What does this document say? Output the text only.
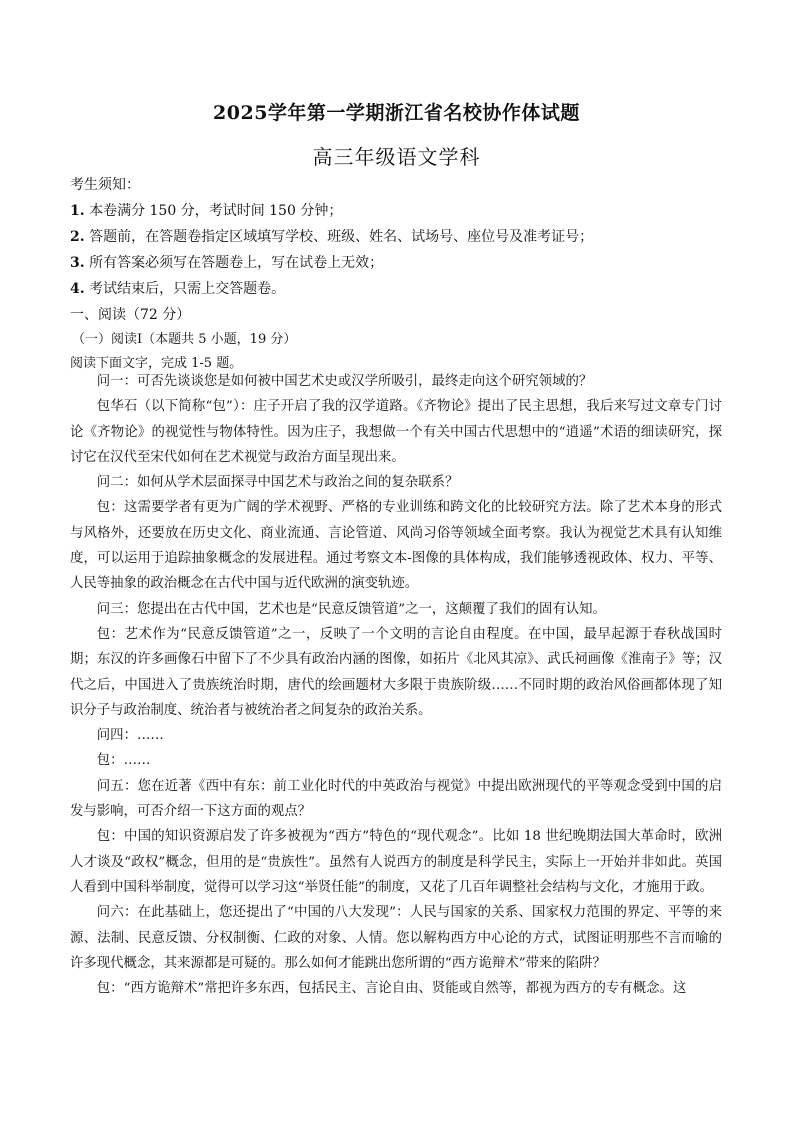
2025学年第一学期浙江省名校协作体试题
高三年级语文学科
考生须知：
1. 本卷满分 150 分，考试时间 150 分钟；
2. 答题前，在答题卷指定区域填写学校、班级、姓名、试场号、座位号及准考证号；
3. 所有答案必须写在答题卷上，写在试卷上无效；
4. 考试结束后，只需上交答题卷。
一、阅读（72 分）
（一）阅读Ⅰ（本题共 5 小题，19 分）
阅读下面文字，完成 1-5 题。

问一：可否先谈谈您是如何被中国艺术史或汉学所吸引，最终走向这个研究领域的？

包华石（以下简称“包”）：庄子开启了我的汉学道路。《齐物论》提出了民主思想，我后来写过文章专门讨论《齐物论》的视觉性与物体特性。因为庄子，我想做一个有关中国古代思想中的“逍遥”术语的细读研究，探讨它在汉代至宋代如何在艺术视觉与政治方面呈现出来。

问二：如何从学术层面探寻中国艺术与政治之间的复杂联系？

包：这需要学者有更为广阔的学术视野、严格的专业训练和跨文化的比较研究方法。除了艺术本身的形式与风格外，还要放在历史文化、商业流通、言论管道、风尚习俗等领域全面考察。我认为视觉艺术具有认知维度，可以运用于追踪抽象概念的发展进程。通过考察文本-图像的具体构成，我们能够透视政体、权力、平等、人民等抽象的政治概念在古代中国与近代欧洲的演变轨迹。

问三：您提出在古代中国，艺术也是“民意反馈管道”之一，这颠覆了我们的固有认知。

包：艺术作为“民意反馈管道”之一，反映了一个文明的言论自由程度。在中国，最早起源于春秋战国时期；东汉的许多画像石中留下了不少具有政治内涵的图像，如拓片《北风其凉》、武氏祠画像《淮南子》等；汉代之后，中国进入了贵族统治时期，唐代的绘画题材大多限于贵族阶级……不同时期的政治风俗画都体现了知识分子与政治制度、统治者与被统治者之间复杂的政治关系。

问四：……

包：……

问五：您在近著《西中有东：前工业化时代的中英政治与视觉》中提出欧洲现代的平等观念受到中国的启发与影响，可否介绍一下这方面的观点？

包：中国的知识资源启发了许多被视为“西方”特色的“现代观念”。比如 18 世纪晚期法国大革命时，欧洲人才谈及“政权”概念，但用的是“贵族性”。虽然有人说西方的制度是科学民主，实际上一开始并非如此。英国人看到中国科举制度，觉得可以学习这“举贤任能”的制度，又花了几百年调整社会结构与文化，才施用于政。

问六：在此基础上，您还提出了“中国的八大发现”：人民与国家的关系、国家权力范围的界定、平等的来源、法制、民意反馈、分权制衡、仁政的对象、人情。您以解构西方中心论的方式，试图证明那些不言而喻的许多现代概念，其来源都是可疑的。那么如何才能跳出您所谓的“西方诡辩术”带来的陷阱？

包：“西方诡辩术”常把许多东西，包括民主、言论自由、贤能或自然等，都视为西方的专有概念。这
